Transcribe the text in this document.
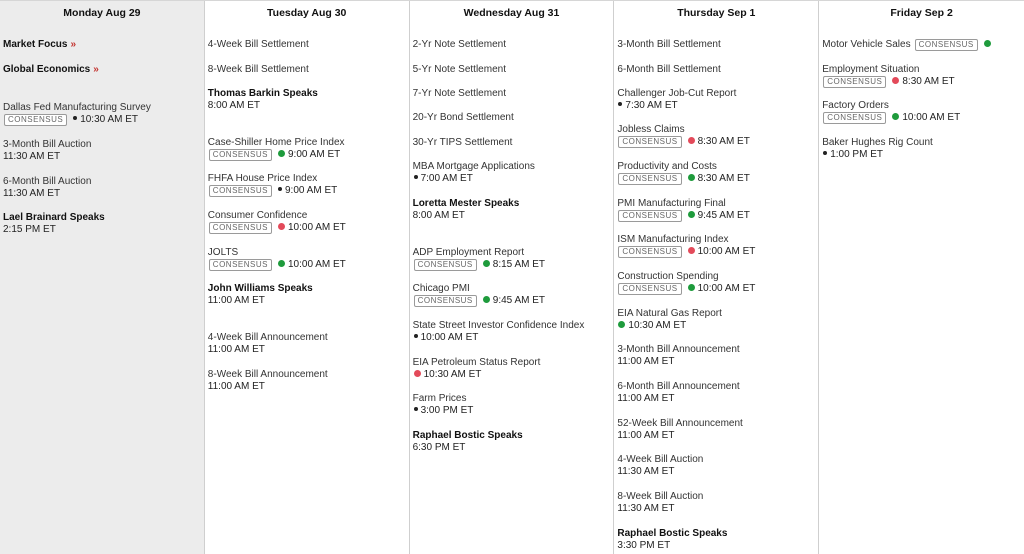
Monday Aug 29
Market Focus »
Global Economics »
Dallas Fed Manufacturing Survey
CONSENSUS 10:30 AM ET
3-Month Bill Auction
11:30 AM ET
6-Month Bill Auction
11:30 AM ET
Lael Brainard Speaks
2:15 PM ET
Tuesday Aug 30
4-Week Bill Settlement
8-Week Bill Settlement
Thomas Barkin Speaks
8:00 AM ET
Case-Shiller Home Price Index
CONSENSUS 9:00 AM ET
FHFA House Price Index
CONSENSUS 9:00 AM ET
Consumer Confidence
CONSENSUS 10:00 AM ET
JOLTS
CONSENSUS 10:00 AM ET
John Williams Speaks
11:00 AM ET
4-Week Bill Announcement
11:00 AM ET
8-Week Bill Announcement
11:00 AM ET
Wednesday Aug 31
2-Yr Note Settlement
5-Yr Note Settlement
7-Yr Note Settlement
20-Yr Bond Settlement
30-Yr TIPS Settlement
MBA Mortgage Applications
7:00 AM ET
Loretta Mester Speaks
8:00 AM ET
ADP Employment Report
CONSENSUS 8:15 AM ET
Chicago PMI
CONSENSUS 9:45 AM ET
State Street Investor Confidence Index
10:00 AM ET
EIA Petroleum Status Report
10:30 AM ET
Farm Prices
3:00 PM ET
Raphael Bostic Speaks
6:30 PM ET
Thursday Sep 1
3-Month Bill Settlement
6-Month Bill Settlement
Challenger Job-Cut Report
7:30 AM ET
Jobless Claims
CONSENSUS 8:30 AM ET
Productivity and Costs
CONSENSUS 8:30 AM ET
PMI Manufacturing Final
CONSENSUS 9:45 AM ET
ISM Manufacturing Index
CONSENSUS 10:00 AM ET
Construction Spending
CONSENSUS 10:00 AM ET
EIA Natural Gas Report
10:30 AM ET
3-Month Bill Announcement
11:00 AM ET
6-Month Bill Announcement
11:00 AM ET
52-Week Bill Announcement
11:00 AM ET
4-Week Bill Auction
11:30 AM ET
8-Week Bill Auction
11:30 AM ET
Raphael Bostic Speaks
3:30 PM ET
Friday Sep 2
Motor Vehicle Sales CONSENSUS
Employment Situation
CONSENSUS 8:30 AM ET
Factory Orders
CONSENSUS 10:00 AM ET
Baker Hughes Rig Count
1:00 PM ET
